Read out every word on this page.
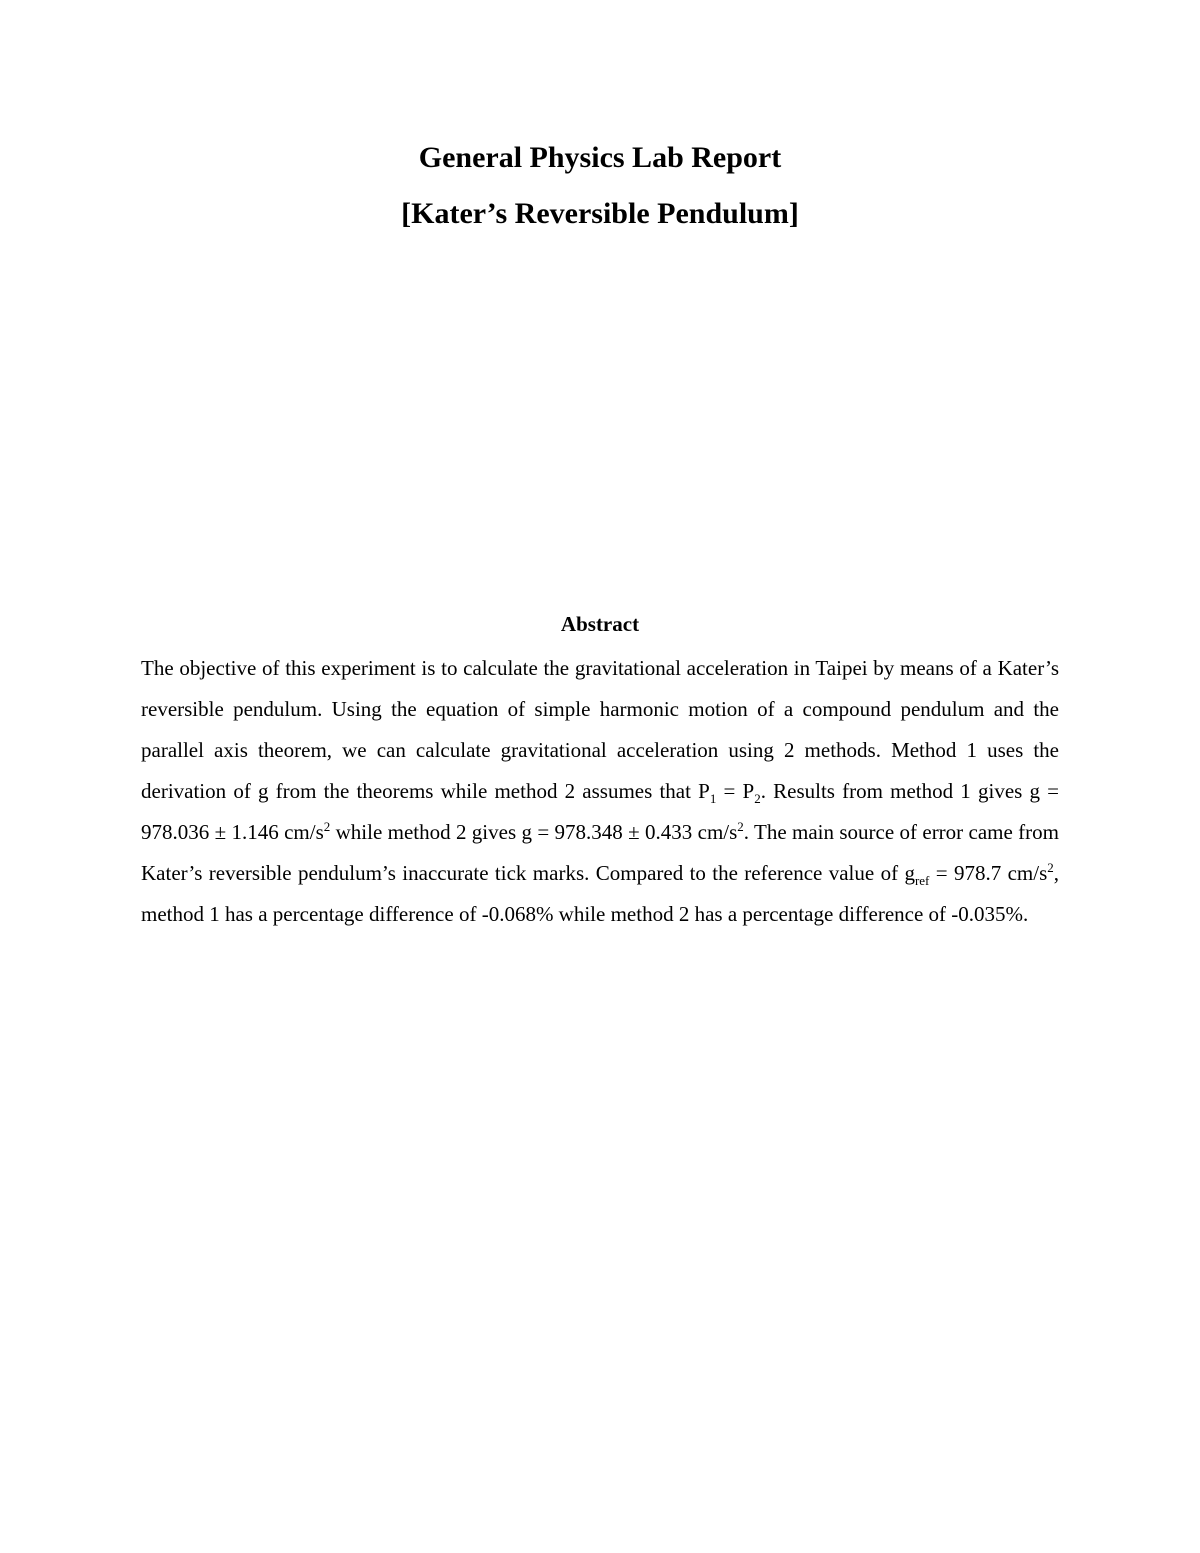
General Physics Lab Report
[Kater’s Reversible Pendulum]
Abstract

The objective of this experiment is to calculate the gravitational acceleration in Taipei by means of a Kater’s reversible pendulum. Using the equation of simple harmonic motion of a compound pendulum and the parallel axis theorem, we can calculate gravitational acceleration using 2 methods. Method 1 uses the derivation of g from the theorems while method 2 assumes that $P_1 = P_2$. Results from method 1 gives g = 978.036 ± 1.146 $cm/s^2$ while method 2 gives g = 978.348 ± 0.433 $cm/s^2$. The main source of error came from Kater’s reversible pendulum’s inaccurate tick marks. Compared to the reference value of $g_{ref} = 978.7$ $cm/s^2$, method 1 has a percentage difference of -0.068% while method 2 has a percentage difference of -0.035%.
